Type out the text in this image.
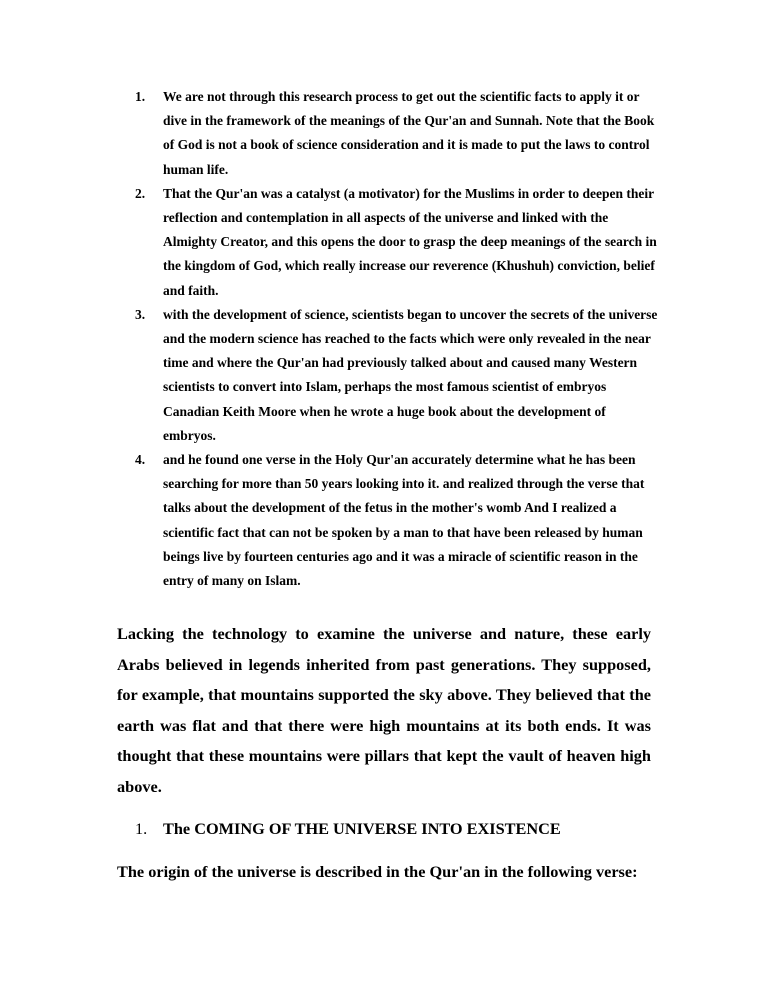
1. We are not through this research process to get out the scientific facts to apply it or dive in the framework of the meanings of the Qur'an and Sunnah. Note that the Book of God is not a book of science consideration and it is made to put the laws to control human life.
2. That the Qur'an was a catalyst (a motivator) for the Muslims in order to deepen their reflection and contemplation in all aspects of the universe and linked with the Almighty Creator, and this opens the door to grasp the deep meanings of the search in the kingdom of God, which really increase our reverence (Khushuh) conviction, belief and faith.
3. with the development of science, scientists began to uncover the secrets of the universe and the modern science has reached to the facts which were only revealed in the near time and where the Qur'an had previously talked about and caused many Western scientists to convert into Islam, perhaps the most famous scientist of embryos Canadian Keith Moore when he wrote a huge book about the development of embryos.
4. and he found one verse in the Holy Qur'an accurately determine what he has been searching for more than 50 years looking into it. and realized through the verse that talks about the development of the fetus in the mother's womb And I realized a scientific fact that can not be spoken by a man to that have been released by human beings live by fourteen centuries ago and it was a miracle of scientific reason in the entry of many on Islam.

Lacking the technology to examine the universe and nature, these early Arabs believed in legends inherited from past generations. They supposed, for example, that mountains supported the sky above. They believed that the earth was flat and that there were high mountains at its both ends. It was thought that these mountains were pillars that kept the vault of heaven high above.

1. The COMING OF THE UNIVERSE INTO EXISTENCE

The origin of the universe is described in the Qur'an in the following verse:
